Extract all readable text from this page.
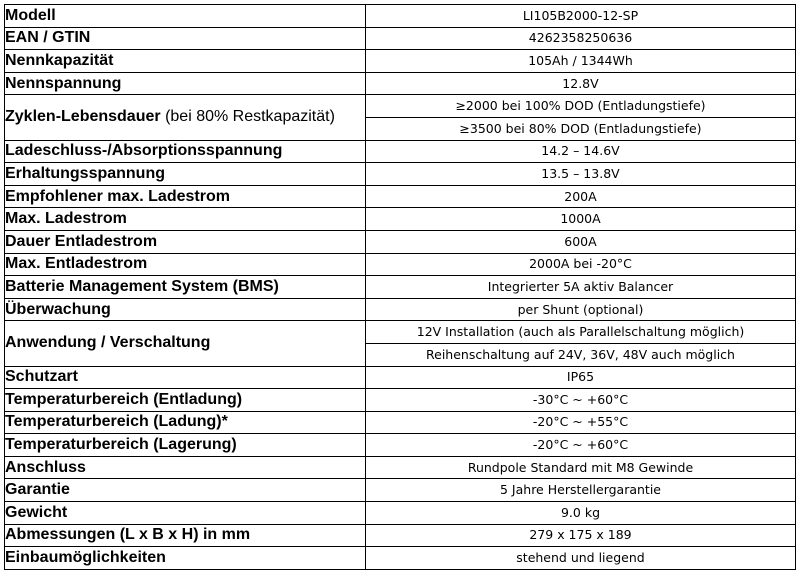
Modell	LI105B2000-12-SP
EAN / GTIN	4262358250636
Nennkapazität	105Ah / 1344Wh
Nennspannung	12.8V
Zyklen-Lebensdauer (bei 80% Restkapazität)	≥2000 bei 100% DOD (Entladungstiefe)
	≥3500 bei 80% DOD (Entladungstiefe)
Ladeschluss-/Absorptionsspannung	14.2 – 14.6V
Erhaltungsspannung	13.5 – 13.8V
Empfohlener max. Ladestrom	200A
Max. Ladestrom	1000A
Dauer Entladestrom	600A
Max. Entladestrom	2000A bei -20°C
Batterie Management System (BMS)	Integrierter 5A aktiv Balancer
Überwachung	per Shunt (optional)
Anwendung / Verschaltung	12V Installation (auch als Parallelschaltung möglich)
	Reihenschaltung auf 24V, 36V, 48V auch möglich
Schutzart	IP65
Temperaturbereich (Entladung)	-30°C ~ +60°C
Temperaturbereich (Ladung)*	-20°C ~ +55°C
Temperaturbereich (Lagerung)	-20°C ~ +60°C
Anschluss	Rundpole Standard mit M8 Gewinde
Garantie	5 Jahre Herstellergarantie
Gewicht	9.0 kg
Abmessungen (L x B x H) in mm	279 x 175 x 189
Einbaumöglichkeiten	stehend und liegend
